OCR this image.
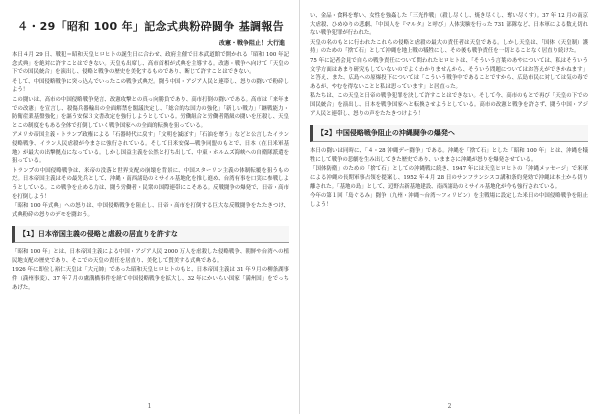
４・29「昭和 100 年」記念式典粉砕闘争 基調報告
改憲・戦争阻止！大行進

本日４月 29 日、戦犯＝昭和天皇ヒロヒトの誕生日に合わせ、政府主催で日本武道館で開かれる「昭和 100 年記念式典」を絶対に許すことはできない。天皇も出席し、高市首相が式典を主導する。改憲・戦争へ向けて「天皇の下での国民統合」を演出し、侵略と戦争の歴史を美化するものであり、断じて許すことはできない。

そして、中国侵略戦争に突っ込んでいったこの戦争式典だ。闘う中国・アジア人民と連帯し、怒りの闘いで粉砕しよう！

この闘いは、高市の中国侵略戦争発言、改憲攻撃との真っ向勝負であり、高市打倒の闘いである。高市は「来年までの改憲」を宣言し、殺傷兵器輸出の全面解禁を閣議決定し、「総合的な国力の強化」「新しい戦力」「継戦能力・防衛産業基盤強化」を謳う安保３文書改定を強行しようとしている。労働組合と労働者階級の闘いを圧殺し、天皇とこの制度をもある全体で打倒していく戦争国家への全面的転換を狙っている。

アメリカ帝国主義・トランプ政権による「石器時代に戻す」「文明を滅ぼす」「石油を奪う」などと公言したイラン侵略戦争、イラン人民虐殺が今まさに強行されている。そして日米安保―戦争同盟のもとで、日本（在日米軍基地）が最大の出撃拠点になっている。しかし国益主義を公然と打ち出して、中東・ホルムズ海峡への自衛隊派遣を狙っている。

トランプの中国侵略戦争は、米帝の没落と世界支配の崩壊を背景に、中国スターリン主義の体制転覆を狙うものだ。日本帝国主義はその最先兵として、沖縄・南西諸島のミサイル基地化を推し進め、台湾有事を口実に参戦しようとしている。この戦争を止める力は、闘う労働者・民衆の国際連帯にこそある。反戦闘争の爆発で、日帝・高市を打倒しよう！

「昭和 100 年式典」への怒りは、中国侵略戦争を阻止し、日帝・高市を打倒する巨大な反戦闘争をたたきつけ、式典粉砕の怒りのデモを闘おう。

【1】日本帝国主義の侵略と虐殺の居直りを許すな

「昭和 100 年」とは、日本帝国主義による中国・アジア人民 2000 万人を虐殺した侵略戦争、朝鮮や台湾への植民地支配の歴史であり、そこでの天皇の責任を居直り、美化して賛美する式典である。

1926 年に即位し裕仁天皇は「大元帥」であった昭和天皇ヒロヒトのもと、日本帝国主義は 31 年９月の柳条湖事件（満州事変）、37 年７月の盧溝橋事件を経て中国侵略戦争を拡大し、32 年にかいらい国家「満州国」をでっちあげた。

1

い、金品・食料を奪い、女性を強姦した「三光作戦」（殺し尽くし、焼き尽くし、奪い尽くす）。37 年 12 月の南京大虐殺、ひめゆりの悲劇、「中国人を『マルタ』と呼び」人体実験を行った 731 部隊など、日本軍による数え切れない戦争犯罪が行われた。

天皇の名のもとに行われたこれらの侵略と虐殺の最大の責任者は天皇である。しかし天皇は、「国体（天皇制）護持」のための「捨て石」として沖縄を地上戦の犠牲にし、その後も戦争責任を一切とることなく居直り続けた。

75 年に記者会見で自らの戦争責任について問われたヒロヒトは、「そういう言葉のあやについては、私はそういう文学方面はあまり研究もしていないのでよくわかりませんから、そういう問題についてはお答えができかねます」と答え、また、広島への原爆投下については「こういう戦争中であることですから、広島市民に対しては気の毒であるが、やむを得ないことと私は思っています」と居直った。

私たちは、この天皇と日帝の戦争犯罪を決して許すことはできない。そして今、高市のもとで再び「天皇の下での国民統合」を演出し、日本を戦争国家へと転換させようとしている。高市の改憲と戦争を許さず、闘う中国・アジア人民と連帯し、怒りの声をたたきつけよう！

【2】中国侵略戦争阻止の沖縄闘争の爆発へ

本日の闘いは同時に、「４・28 沖縄デー闘争」である。沖縄を「捨て石」とした「昭和 100 年」とは、沖縄を犠牲にして戦争の悲劇を生み出してきた歴史であり、いままさに沖縄が怒りを爆発させている。

「国体防衛」のための「捨て石」としての沖縄戦に続き、1947 年には天皇ヒロヒトの「沖縄メッセージ」で米軍による沖縄の長期軍事占領を提案し、1952 年４月 28 日のサンフランシスコ講和条約発効で沖縄は本土から切り離された。「基地の島」として、辺野古新基地建設、南西諸島のミサイル基地化が今も強行されている。

今年の第１回「島ぐるみ」闘争（九州・沖縄〜台湾〜フィリピン）を主戦場に設定した米日の中国侵略戦争を阻止しよう！

2
